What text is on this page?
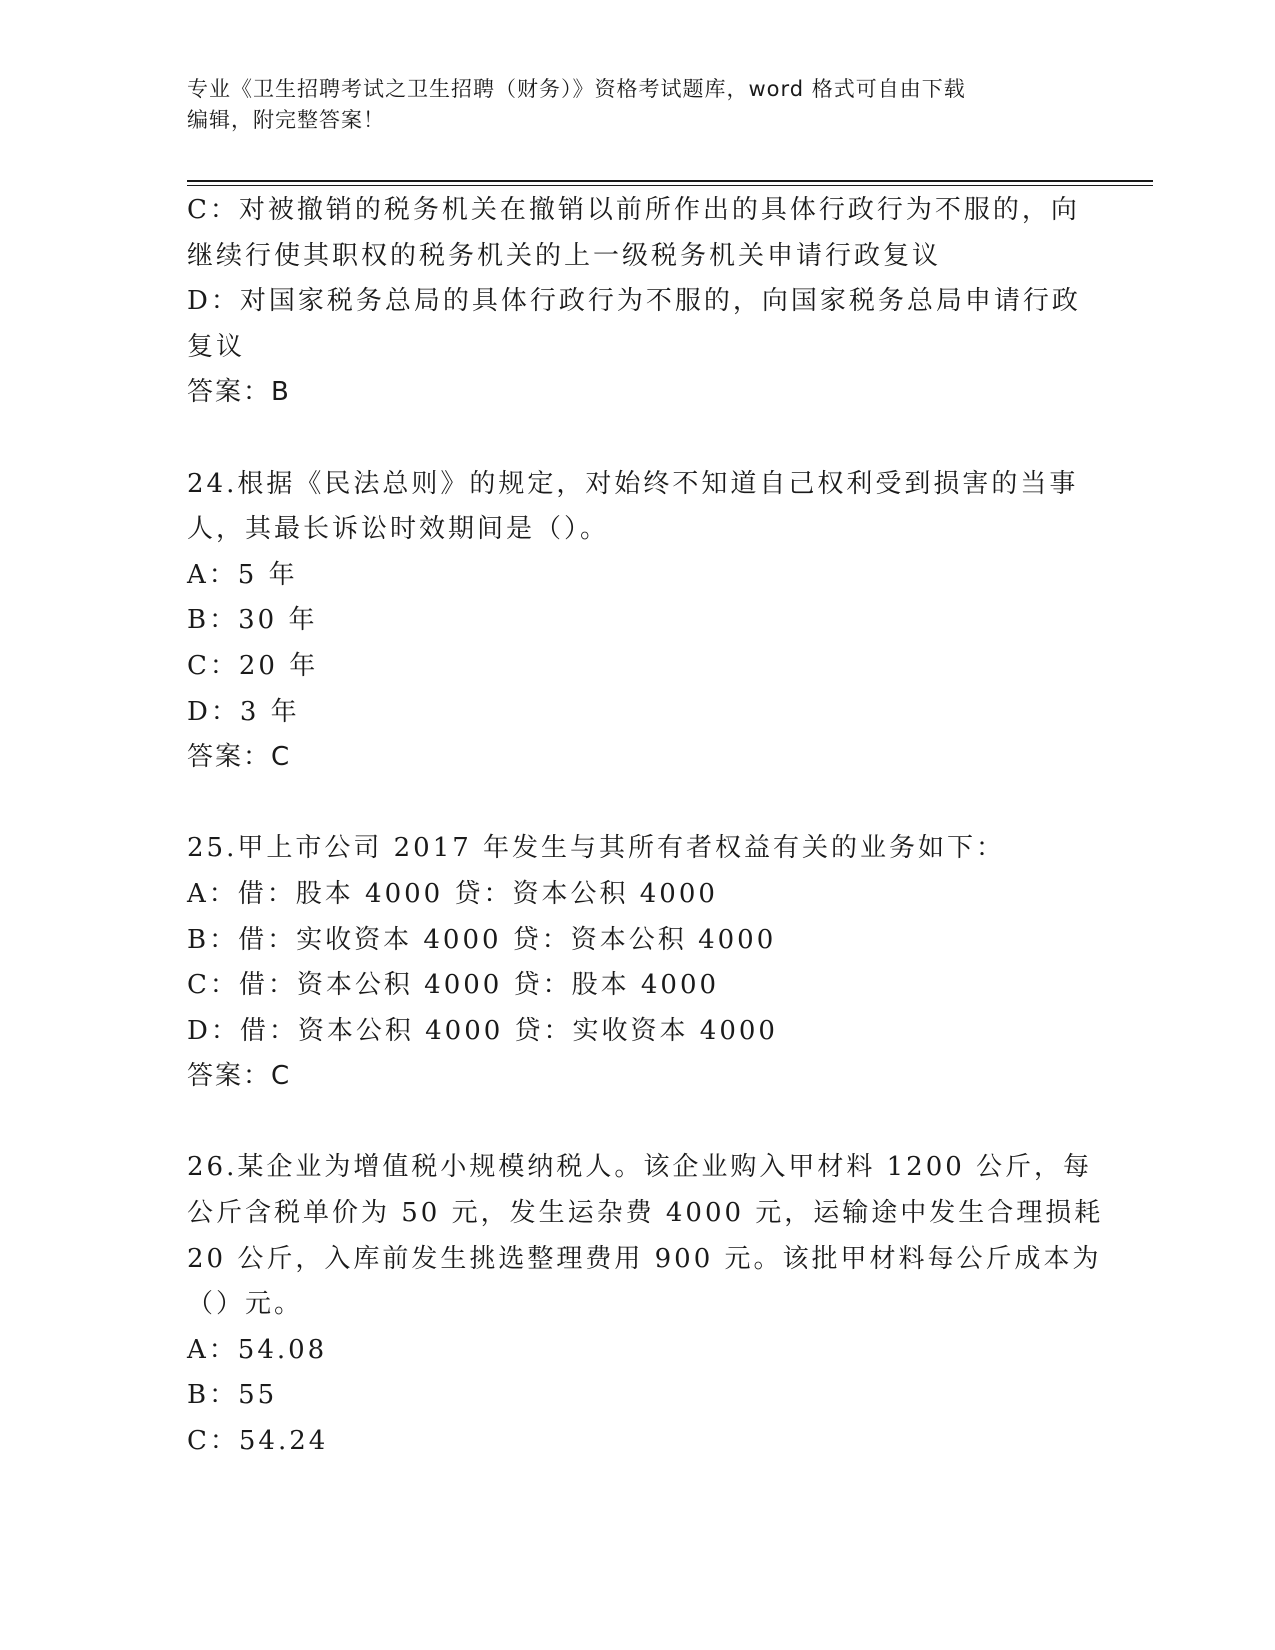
专业《卫生招聘考试之卫生招聘（财务）》资格考试题库，word 格式可自由下载
编辑，附完整答案！
C：对被撤销的税务机关在撤销以前所作出的具体行政行为不服的，向
继续行使其职权的税务机关的上一级税务机关申请行政复议
D：对国家税务总局的具体行政行为不服的，向国家税务总局申请行政
复议
答案：B
24.根据《民法总则》的规定，对始终不知道自己权利受到损害的当事
人，其最长诉讼时效期间是（）。
A：5 年
B：30 年
C：20 年
D：3 年
答案：C
25.甲上市公司 2017 年发生与其所有者权益有关的业务如下：
A：借：股本 4000 贷：资本公积 4000
B：借：实收资本 4000 贷：资本公积 4000
C：借：资本公积 4000 贷：股本 4000
D：借：资本公积 4000 贷：实收资本 4000
答案：C
26.某企业为增值税小规模纳税人。该企业购入甲材料 1200 公斤，每
公斤含税单价为 50 元，发生运杂费 4000 元，运输途中发生合理损耗
20 公斤，入库前发生挑选整理费用 900 元。该批甲材料每公斤成本为
（）元。
A：54.08
B：55
C：54.24
